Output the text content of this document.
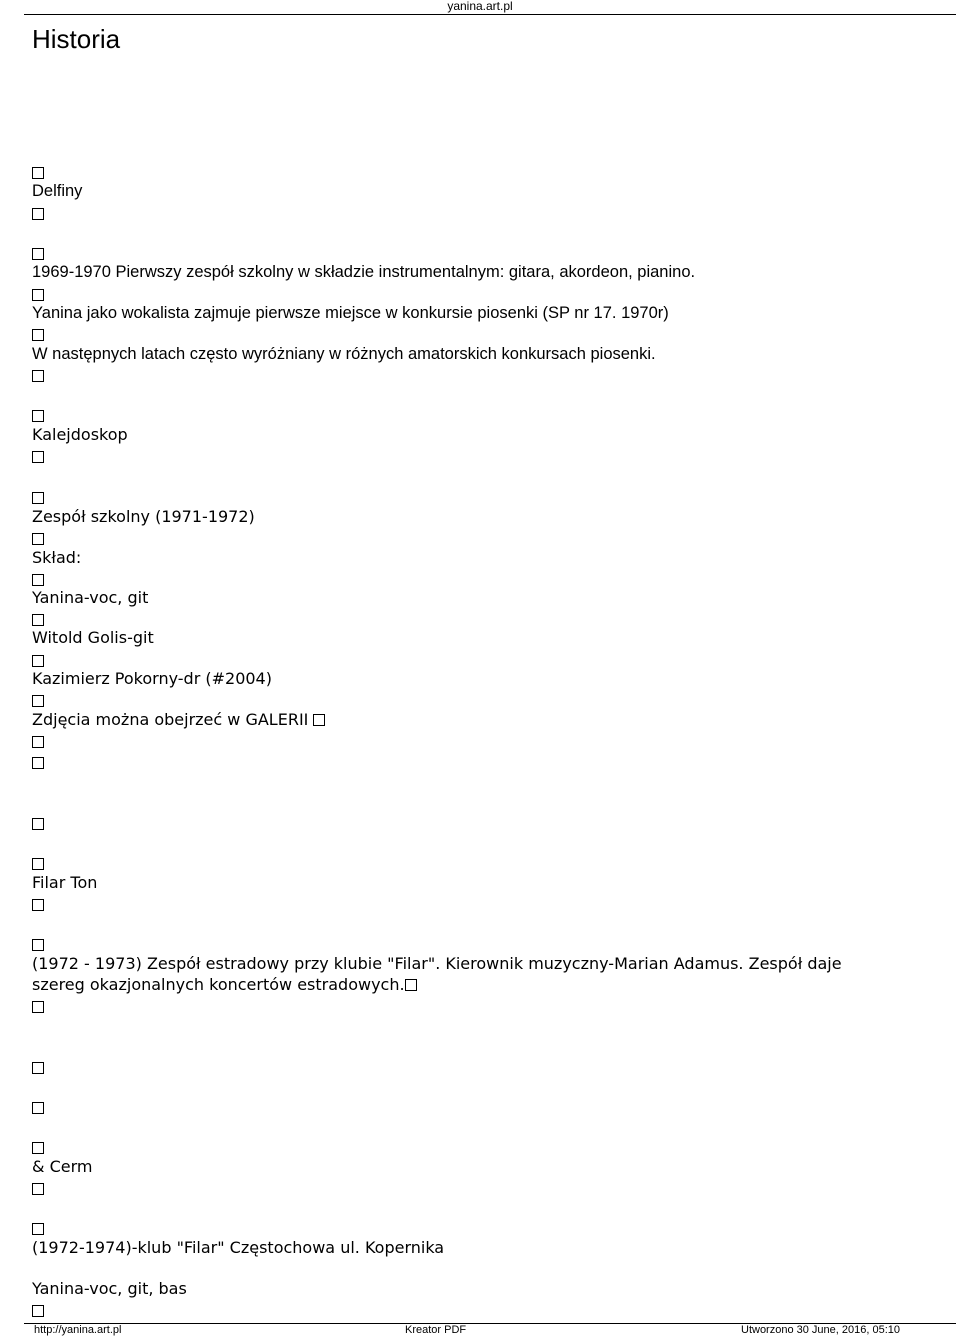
yanina.art.pl
Historia
Delfiny
1969-1970 Pierwszy zespół szkolny w składzie instrumentalnym: gitara, akordeon, pianino.
Yanina jako wokalista zajmuje pierwsze miejsce w konkursie piosenki (SP nr 17. 1970r)
W następnych latach często wyróżniany w różnych amatorskich konkursach piosenki.
Kalejdoskop
Zespół szkolny (1971-1972)
Skład:
Yanina-voc, git
Witold Golis-git
Kazimierz Pokorny-dr (#2004)
Zdjęcia można obejrzeć w GALERII
Filar Ton
(1972 - 1973) Zespół estradowy przy klubie "Filar". Kierownik muzyczny-Marian Adamus. Zespół daje
szereg okazjonalnych koncertów estradowych.
& Cerm
(1972-1974)-klub "Filar" Częstochowa ul. Kopernika
Yanina-voc, git, bas
http://yanina.art.pl	Kreator PDF	Utworzono 30 June, 2016, 05:10
